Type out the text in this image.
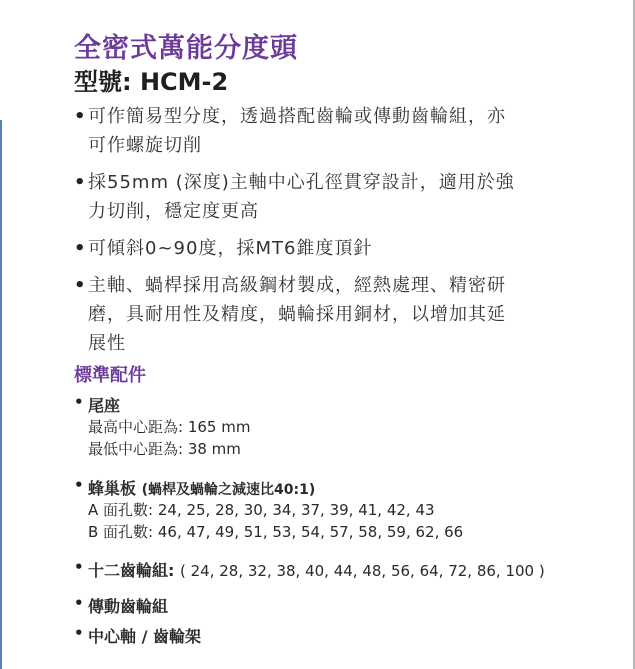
全密式萬能分度頭
型號: HCM-2
• 可作簡易型分度，透過搭配齒輪或傳動齒輪組，亦
可作螺旋切削
• 採55mm (深度)主軸中心孔徑貫穿設計，適用於強
力切削，穩定度更高
• 可傾斜0~90度，採MT6錐度頂針
• 主軸、蝸桿採用高級鋼材製成，經熱處理、精密研
磨，具耐用性及精度，蝸輪採用銅材，以增加其延
展性
標準配件
• 尾座
最高中心距為: 165 mm
最低中心距為: 38 mm
• 蜂巢板 (蝸桿及蝸輪之減速比40:1)
A 面孔數: 24, 25, 28, 30, 34, 37, 39, 41, 42, 43
B 面孔數: 46, 47, 49, 51, 53, 54, 57, 58, 59, 62, 66
• 十二齒輪組: ( 24, 28, 32, 38, 40, 44, 48, 56, 64, 72, 86, 100 )
• 傳動齒輪組
• 中心軸 / 齒輪架
